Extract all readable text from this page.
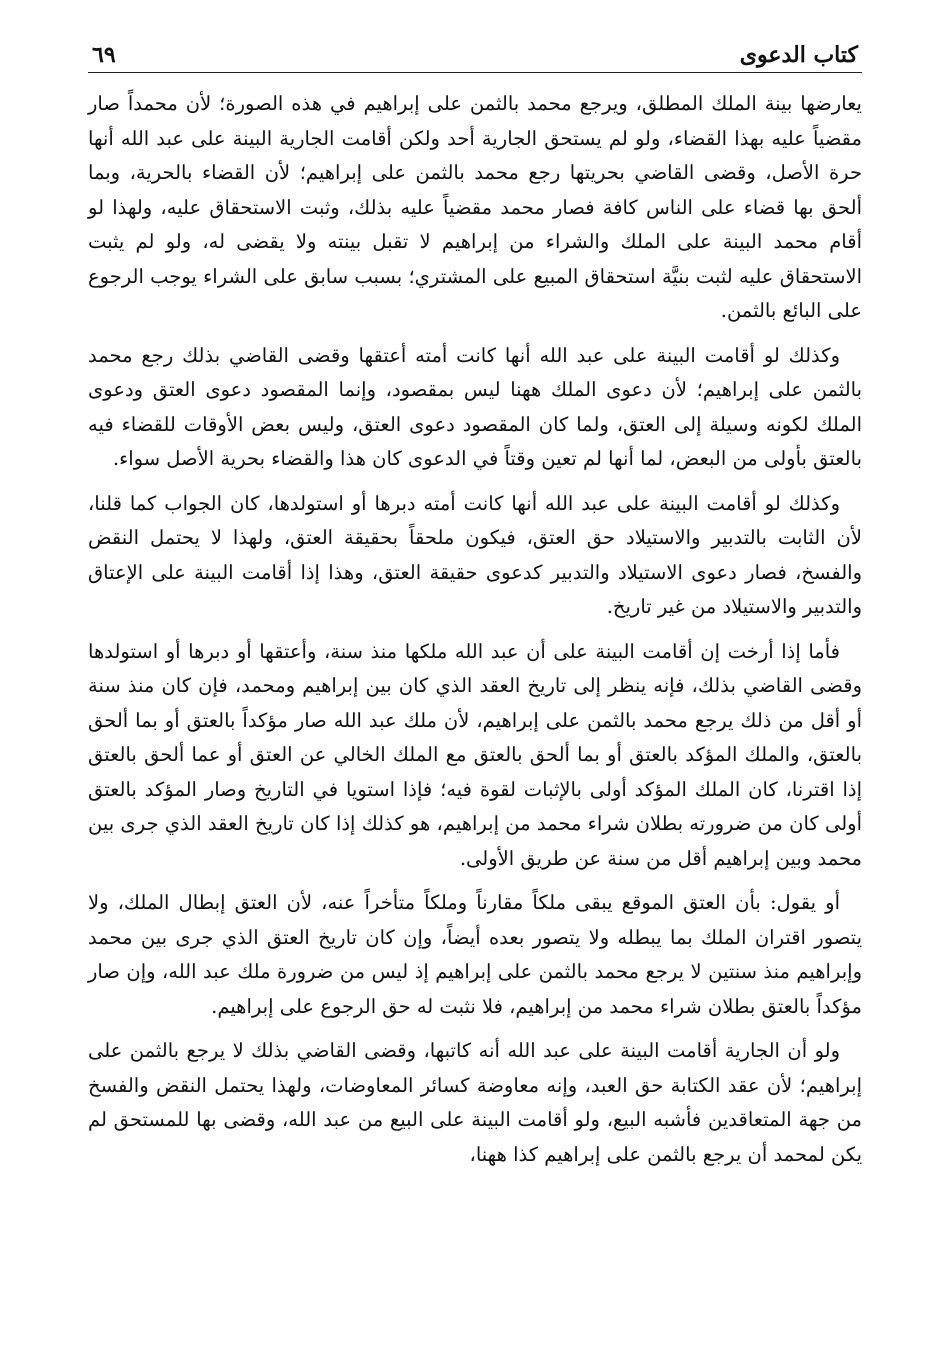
كتاب الدعوى
٦٩

يعارضها بينة الملك المطلق، ويرجع محمد بالثمن على إبراهيم في هذه الصورة؛ لأن محمداً صار مقضياً عليه بهذا القضاء، ولو لم يستحق الجارية أحد ولكن أقامت الجارية البينة على عبد الله أنها حرة الأصل، وقضى القاضي بحريتها رجع محمد بالثمن على إبراهيم؛ لأن القضاء بالحرية، وبما ألحق بها قضاء على الناس كافة فصار محمد مقضياً عليه بذلك، وثبت الاستحقاق عليه، ولهذا لو أقام محمد البينة على الملك والشراء من إبراهيم لا تقبل بينته ولا يقضى له، ولو لم يثبت الاستحقاق عليه لثبت بنيَّة استحقاق المبيع على المشتري؛ بسبب سابق على الشراء يوجب الرجوع على البائع بالثمن.

وكذلك لو أقامت البينة على عبد الله أنها كانت أمته أعتقها وقضى القاضي بذلك رجع محمد بالثمن على إبراهيم؛ لأن دعوى الملك ههنا ليس بمقصود، وإنما المقصود دعوى العتق ودعوى الملك لكونه وسيلة إلى العتق، ولما كان المقصود دعوى العتق، وليس بعض الأوقات للقضاء فيه بالعتق بأولى من البعض، لما أنها لم تعين وقتاً في الدعوى كان هذا والقضاء بحرية الأصل سواء.

وكذلك لو أقامت البينة على عبد الله أنها كانت أمته دبرها أو استولدها، كان الجواب كما قلنا، لأن الثابت بالتدبير والاستيلاد حق العتق، فيكون ملحقاً بحقيقة العتق، ولهذا لا يحتمل النقض والفسخ، فصار دعوى الاستيلاد والتدبير كدعوى حقيقة العتق، وهذا إذا أقامت البينة على الإعتاق والتدبير والاستيلاد من غير تاريخ.

فأما إذا أرخت إن أقامت البينة على أن عبد الله ملكها منذ سنة، وأعتقها أو دبرها أو استولدها وقضى القاضي بذلك، فإنه ينظر إلى تاريخ العقد الذي كان بين إبراهيم ومحمد، فإن كان منذ سنة أو أقل من ذلك يرجع محمد بالثمن على إبراهيم، لأن ملك عبد الله صار مؤكداً بالعتق أو بما ألحق بالعتق، والملك المؤكد بالعتق أو بما ألحق بالعتق مع الملك الخالي عن العتق أو عما ألحق بالعتق إذا اقترنا، كان الملك المؤكد أولى بالإثبات لقوة فيه؛ فإذا استويا في التاريخ وصار المؤكد بالعتق أولى كان من ضرورته بطلان شراء محمد من إبراهيم، هو كذلك إذا كان تاريخ العقد الذي جرى بين محمد وبين إبراهيم أقل من سنة عن طريق الأولى.

أو يقول: بأن العتق الموقع يبقى ملكاً مقارناً وملكاً متأخراً عنه، لأن العتق إبطال الملك، ولا يتصور اقتران الملك بما يبطله ولا يتصور بعده أيضاً، وإن كان تاريخ العتق الذي جرى بين محمد وإبراهيم منذ سنتين لا يرجع محمد بالثمن على إبراهيم إذ ليس من ضرورة ملك عبد الله، وإن صار مؤكداً بالعتق بطلان شراء محمد من إبراهيم، فلا نثبت له حق الرجوع على إبراهيم.

ولو أن الجارية أقامت البينة على عبد الله أنه كاتبها، وقضى القاضي بذلك لا يرجع بالثمن على إبراهيم؛ لأن عقد الكتابة حق العبد، وإنه معاوضة كسائر المعاوضات، ولهذا يحتمل النقض والفسخ من جهة المتعاقدين فأشبه البيع، ولو أقامت البينة على البيع من عبد الله، وقضى بها للمستحق لم يكن لمحمد أن يرجع بالثمن على إبراهيم كذا ههنا،
